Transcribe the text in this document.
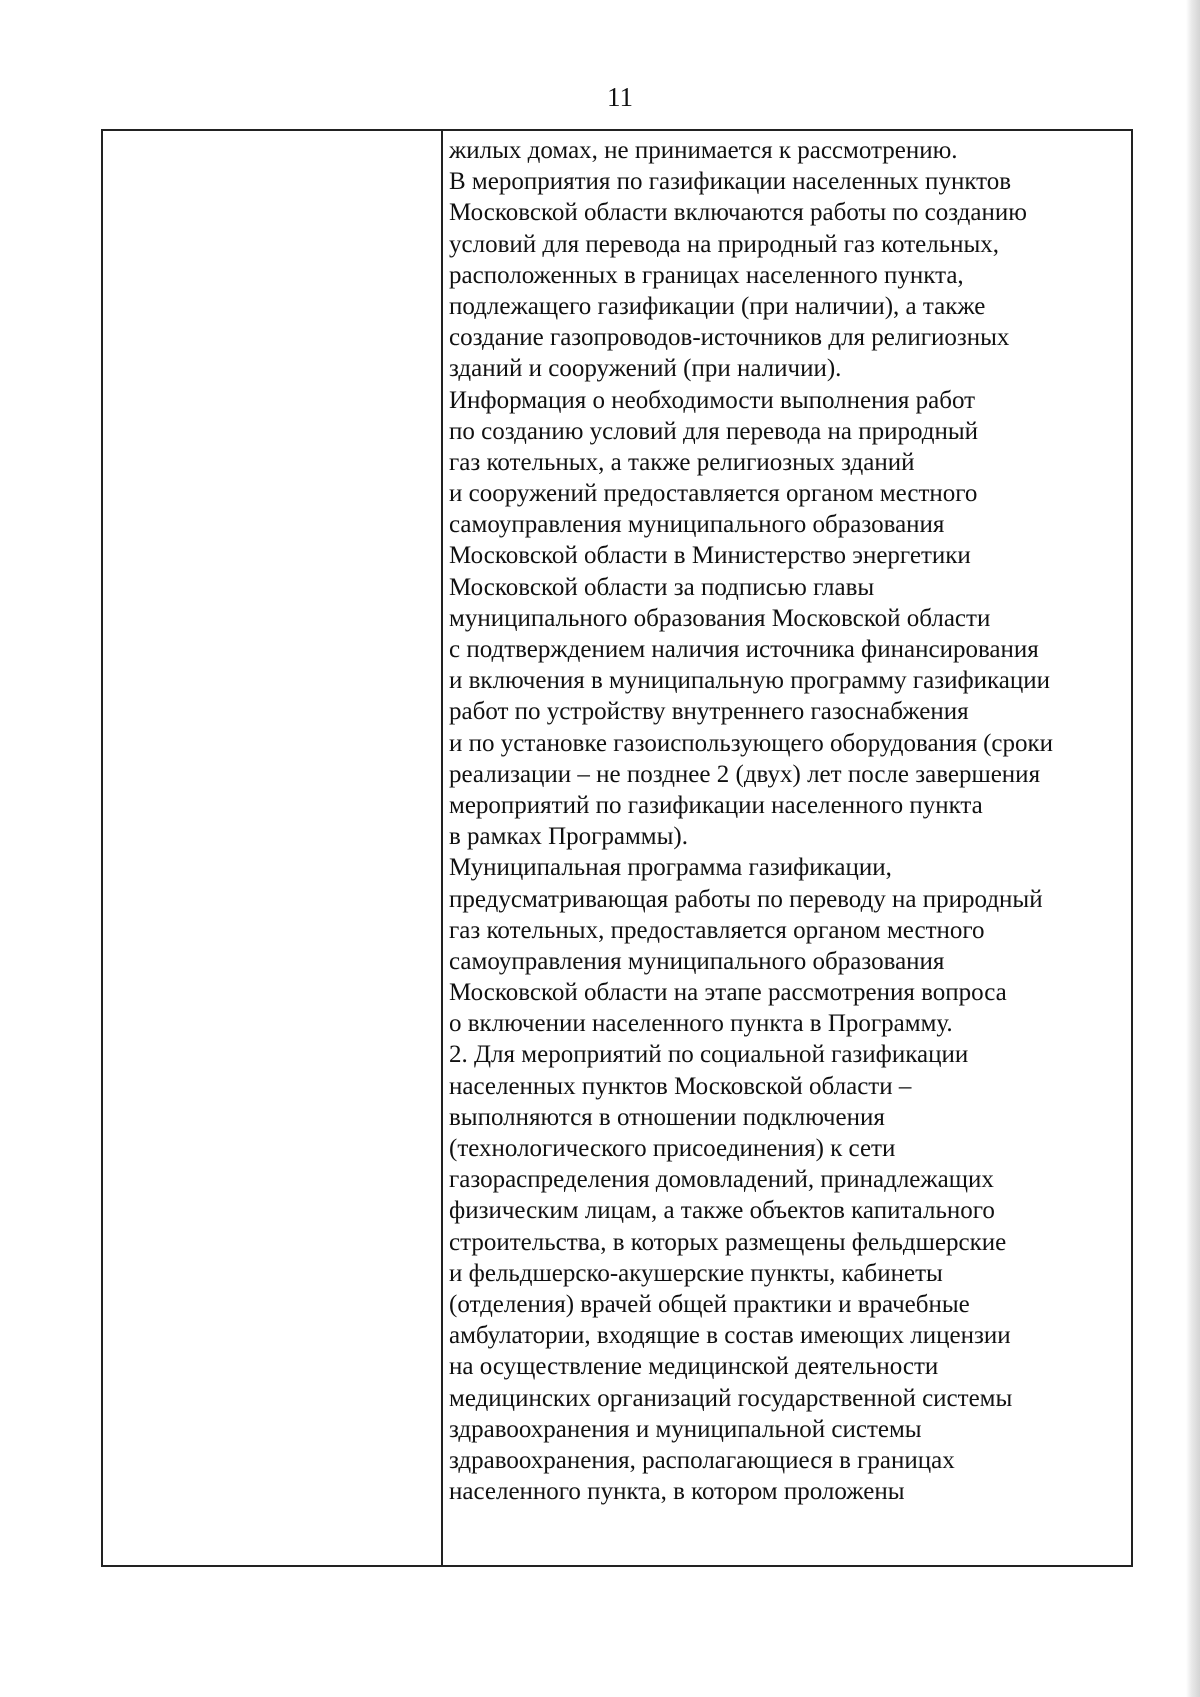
11
жилых домах, не принимается к рассмотрению.
В мероприятия по газификации населенных пунктов
Московской области включаются работы по созданию
условий для перевода на природный газ котельных,
расположенных в границах населенного пункта,
подлежащего газификации (при наличии), а также
создание газопроводов-источников для религиозных
зданий и сооружений (при наличии).
Информация о необходимости выполнения работ
по созданию условий для перевода на природный
газ котельных, а также религиозных зданий
и сооружений предоставляется органом местного
самоуправления муниципального образования
Московской области в Министерство энергетики
Московской области за подписью главы
муниципального образования Московской области
с подтверждением наличия источника финансирования
и включения в муниципальную программу газификации
работ по устройству внутреннего газоснабжения
и по установке газоиспользующего оборудования (сроки
реализации – не позднее 2 (двух) лет после завершения
мероприятий по газификации населенного пункта
в рамках Программы).
Муниципальная программа газификации,
предусматривающая работы по переводу на природный
газ котельных, предоставляется органом местного
самоуправления муниципального образования
Московской области на этапе рассмотрения вопроса
о включении населенного пункта в Программу.
2. Для мероприятий по социальной газификации
населенных пунктов Московской области –
выполняются в отношении подключения
(технологического присоединения) к сети
газораспределения домовладений, принадлежащих
физическим лицам, а также объектов капитального
строительства, в которых размещены фельдшерские
и фельдшерско-акушерские пункты, кабинеты
(отделения) врачей общей практики и врачебные
амбулатории, входящие в состав имеющих лицензии
на осуществление медицинской деятельности
медицинских организаций государственной системы
здравоохранения и муниципальной системы
здравоохранения, располагающиеся в границах
населенного пункта, в котором проложены
